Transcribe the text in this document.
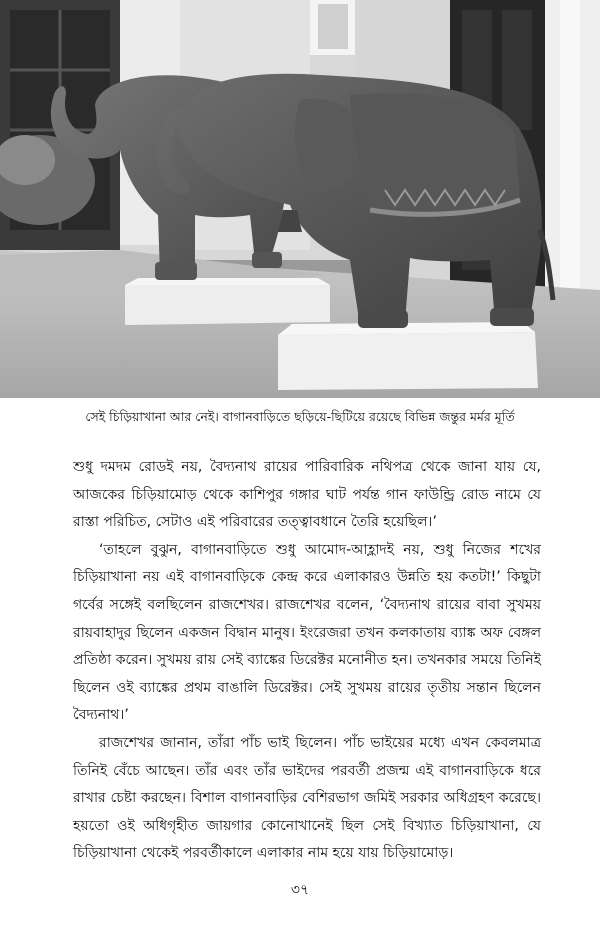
সেই চিড়িয়াখানা আর নেই। বাগানবাড়িতে ছড়িয়ে-ছিটিয়ে রয়েছে বিভিন্ন জন্তুর মর্মর মূর্তি

শুধু দমদম রোডই নয়, বৈদ্যনাথ রায়ের পারিবারিক নথিপত্র থেকে জানা যায় যে, আজকের চিড়িয়ামোড় থেকে কাশিপুর গঙ্গার ঘাট পর্যন্ত গান ফাউন্ড্রি রোড নামে যে রাস্তা পরিচিত, সেটাও এই পরিবারের তত্ত্বাবধানে তৈরি হয়েছিল।’

‘তাহলে বুঝুন, বাগানবাড়িতে শুধু আমোদ-আহ্লাদই নয়, শুধু নিজের শখের চিড়িয়াখানা নয় এই বাগানবাড়িকে কেন্দ্র করে এলাকারও উন্নতি হয় কতটা!’ কিছুটা গর্বের সঙ্গেই বলছিলেন রাজশেখর। রাজশেখর বলেন, ‘বৈদ্যনাথ রায়ের বাবা সুখময় রায়বাহাদুর ছিলেন একজন বিদ্বান মানুষ। ইংরেজরা তখন কলকাতায় ব্যাঙ্ক অফ বেঙ্গল প্রতিষ্ঠা করেন। সুখময় রায় সেই ব্যাঙ্কের ডিরেক্টর মনোনীত হন। তখনকার সময়ে তিনিই ছিলেন ওই ব্যাঙ্কের প্রথম বাঙালি ডিরেক্টর। সেই সুখময় রায়ের তৃতীয় সন্তান ছিলেন বৈদ্যনাথ।’

রাজশেখর জানান, তাঁরা পাঁচ ভাই ছিলেন। পাঁচ ভাইয়ের মধ্যে এখন কেবলমাত্র তিনিই বেঁচে আছেন। তাঁর এবং তাঁর ভাইদের পরবর্তী প্রজন্ম এই বাগানবাড়িকে ধরে রাখার চেষ্টা করছেন। বিশাল বাগানবাড়ির বেশিরভাগ জমিই সরকার অধিগ্রহণ করেছে। হয়তো ওই অধিগৃহীত জায়গার কোনোখানেই ছিল সেই বিখ্যাত চিড়িয়াখানা, যে চিড়িয়াখানা থেকেই পরবর্তীকালে এলাকার নাম হয়ে যায় চিড়িয়ামোড়।

৩৭
